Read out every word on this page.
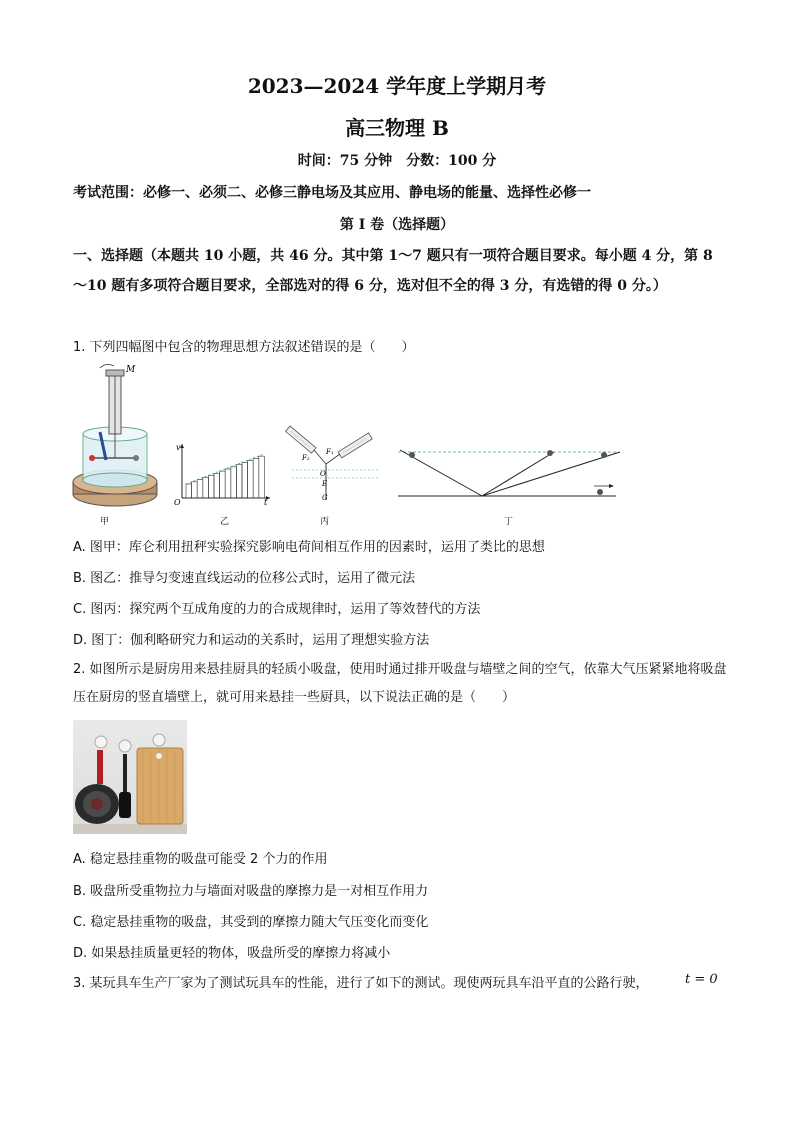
2023—2024 学年度上学期月考
高三物理 B
时间：75 分钟　分数：100 分
考试范围：必修一、必须二、必修三静电场及其应用、静电场的能量、选择性必修一
第 I 卷（选择题）
一、选择题（本题共 10 小题，共 46 分。其中第 1～7 题只有一项符合题目要求。每小题 4 分，第 8～10 题有多项符合题目要求，全部选对的得 6 分，选对但不全的得 3 分，有选错的得 0 分。）
1. 下列四幅图中包含的物理思想方法叙述错误的是（　　）
M
甲
v
O	t
乙
F₂
F₁
O
E
G
丙	丁
A. 图甲：库仑利用扭秤实验探究影响电荷间相互作用的因素时，运用了类比的思想
B. 图乙：推导匀变速直线运动的位移公式时，运用了微元法
C. 图丙：探究两个互成角度的力的合成规律时，运用了等效替代的方法
D. 图丁：伽利略研究力和运动的关系时，运用了理想实验方法
2. 如图所示是厨房用来悬挂厨具的轻质小吸盘，使用时通过排开吸盘与墙壁之间的空气，依靠大气压紧紧地将吸盘压在厨房的竖直墙壁上，就可用来悬挂一些厨具，以下说法正确的是（　　）
A. 稳定悬挂重物的吸盘可能受 2 个力的作用
B. 吸盘所受重物拉力与墙面对吸盘的摩擦力是一对相互作用力
C. 稳定悬挂重物的吸盘，其受到的摩擦力随大气压变化而变化
D. 如果悬挂质量更轻的物体，吸盘所受的摩擦力将减小
3. 某玩具车生产厂家为了测试玩具车的性能，进行了如下的测试。现使两玩具车沿平直的公路行驶，	t = 0
